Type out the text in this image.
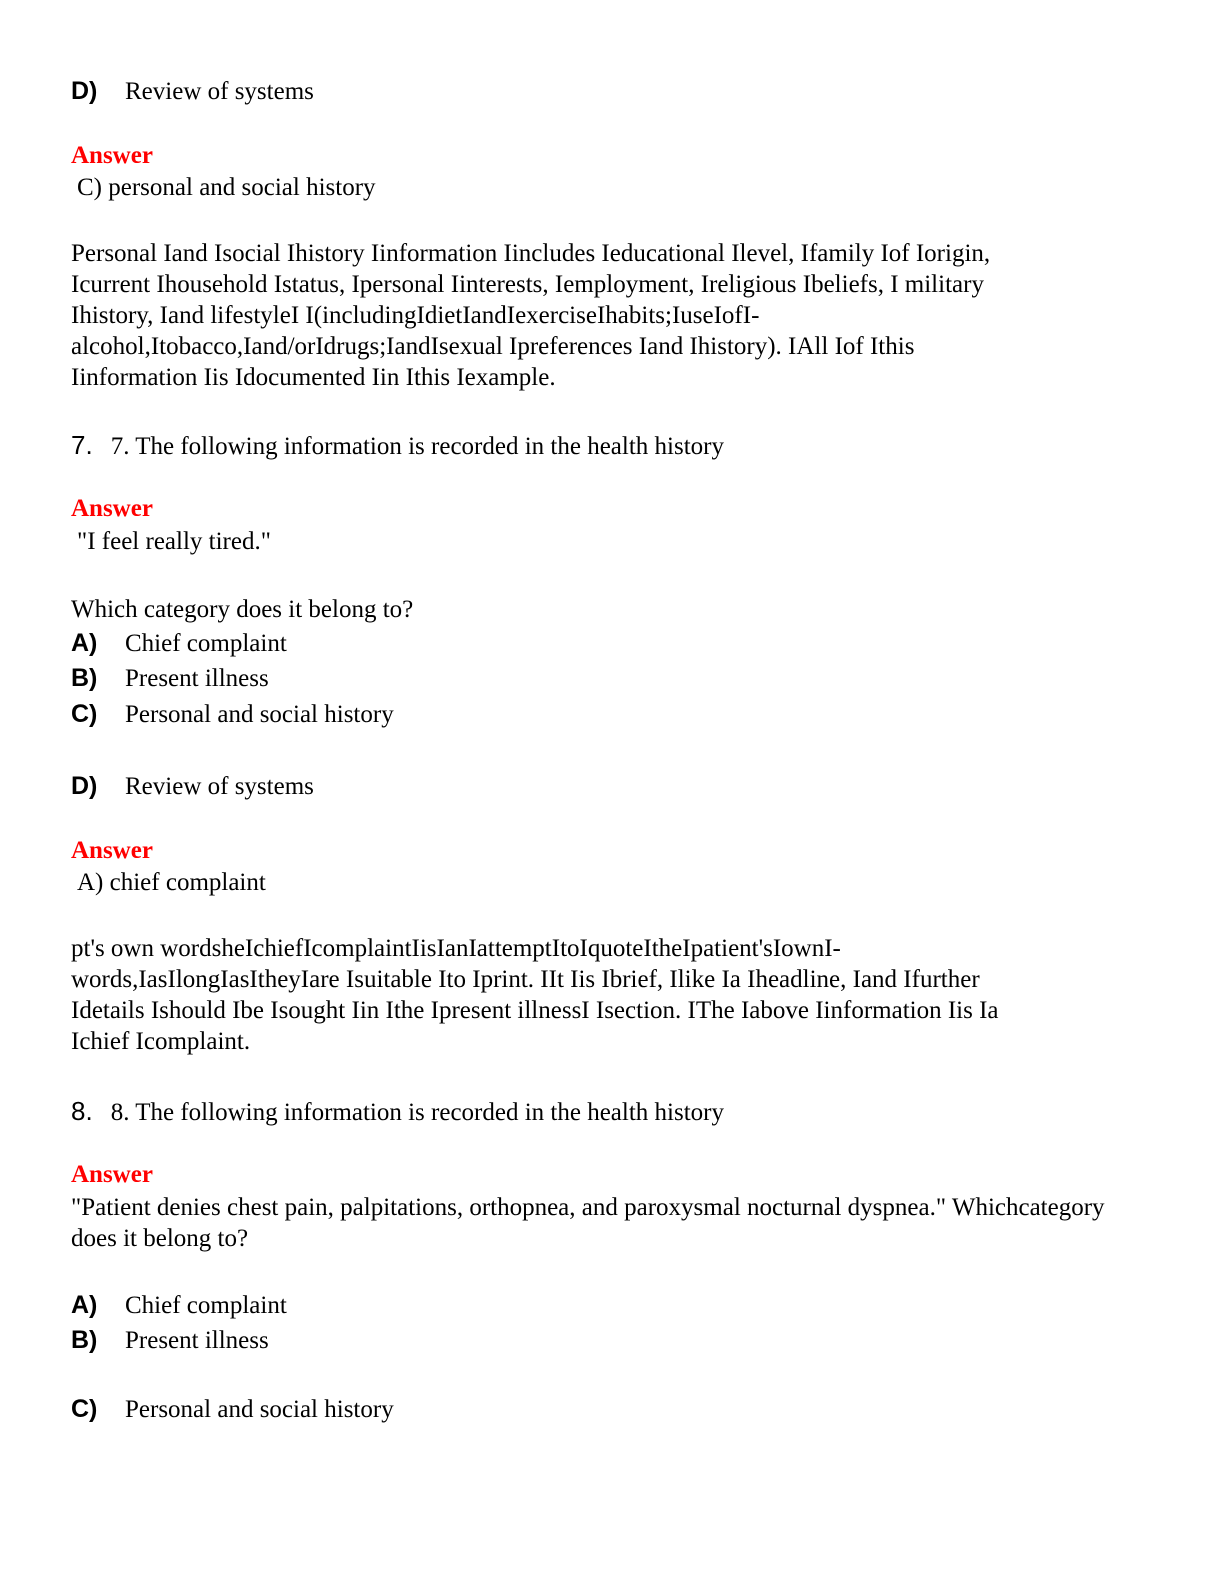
D)	Review of systems
Answer
C) personal and social history
Personal Iand Isocial Ihistory Iinformation Iincludes Ieducational Ilevel, Ifamily Iof Iorigin,
Icurrent Ihousehold Istatus, Ipersonal Iinterests, Iemployment, Ireligious Ibeliefs, I military
Ihistory, Iand lifestyleI I(includingIdietIandIexerciseIhabits;IuseIofI-
alcohol,Itobacco,Iand/orIdrugs;IandIsexual Ipreferences Iand Ihistory). IAll Iof Ithis
Iinformation Iis Idocumented Iin Ithis Iexample.
7. 7. The following information is recorded in the health history
Answer
"I feel really tired."
Which category does it belong to?
A)	Chief complaint
B)	Present illness
C)	Personal and social history
D)	Review of systems
Answer
A) chief complaint
pt's own wordsheIchiefIcomplaintIisIanIattemptItoIquoteItheIpatient'sIownI-
words,IasIlongIasItheyIare Isuitable Ito Iprint. IIt Iis Ibrief, Ilike Ia Iheadline, Iand Ifurther
Idetails Ishould Ibe Isought Iin Ithe Ipresent illnessI Isection. IThe Iabove Iinformation Iis Ia
Ichief Icomplaint.
8. 8. The following information is recorded in the health history
Answer
"Patient denies chest pain, palpitations, orthopnea, and paroxysmal nocturnal dyspnea." Whichcategory
does it belong to?
A)	Chief complaint
B)	Present illness
C)	Personal and social history
